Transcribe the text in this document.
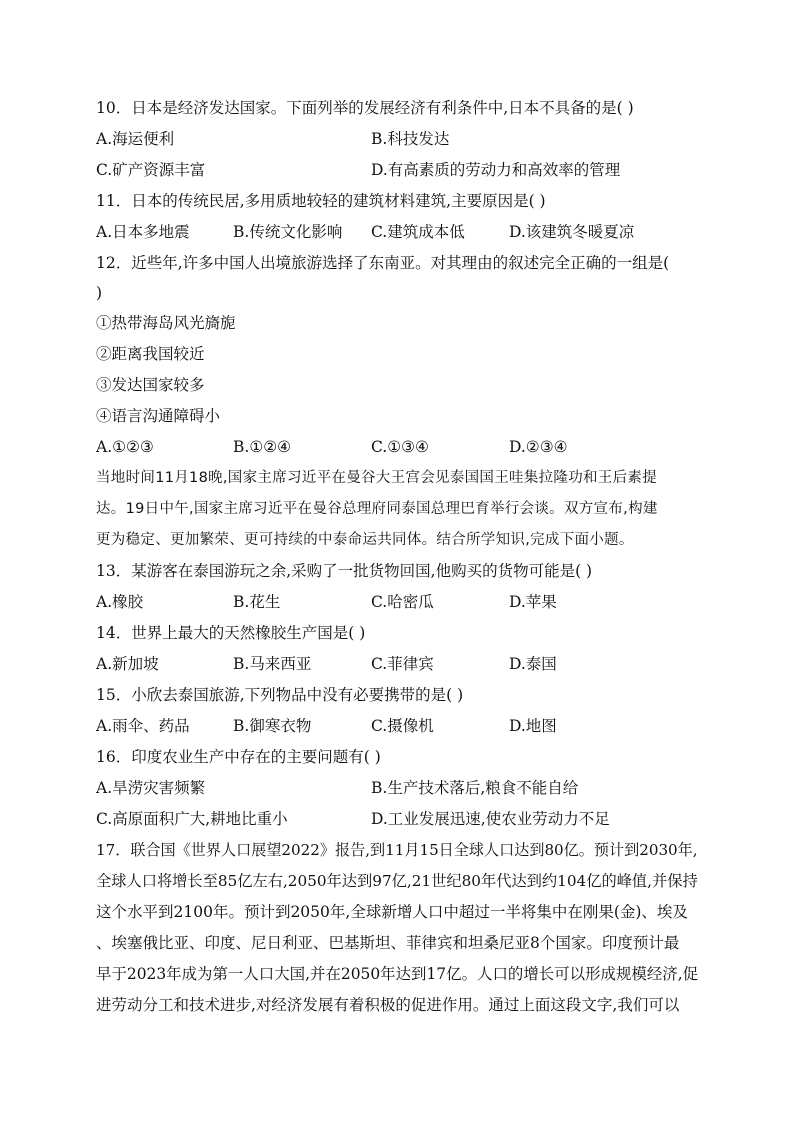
10．日本是经济发达国家。下面列举的发展经济有利条件中,日本不具备的是( )
A.海运便利	B.科技发达
C.矿产资源丰富	D.有高素质的劳动力和高效率的管理
11．日本的传统民居,多用质地较轻的建筑材料建筑,主要原因是( )
A.日本多地震	B.传统文化影响 C.建筑成本低	D.该建筑冬暖夏凉
12．近些年,许多中国人出境旅游选择了东南亚。对其理由的叙述完全正确的一组是(
)
①热带海岛风光旖旎
②距离我国较近
③发达国家较多
④语言沟通障碍小
A.①②③	B.①②④	C.①③④	D.②③④
当地时间11月18晚,国家主席习近平在曼谷大王宫会见泰国国王哇集拉隆功和王后素提
达。19日中午,国家主席习近平在曼谷总理府同泰国总理巴育举行会谈。双方宣布,构建
更为稳定、更加繁荣、更可持续的中泰命运共同体。结合所学知识,完成下面小题。
13．某游客在泰国游玩之余,采购了一批货物回国,他购买的货物可能是( )
A.橡胶	B.花生	C.哈密瓜	D.苹果
14．世界上最大的天然橡胶生产国是( )
A.新加坡	B.马来西亚	C.菲律宾	D.泰国
15．小欣去泰国旅游,下列物品中没有必要携带的是( )
A.雨伞、药品	B.御寒衣物	C.摄像机	D.地图
16．印度农业生产中存在的主要问题有( )
A.旱涝灾害频繁	B.生产技术落后,粮食不能自给
C.高原面积广大,耕地比重小	D.工业发展迅速,使农业劳动力不足
17．联合国《世界人口展望2022》报告,到11月15日全球人口达到80亿。预计到2030年,
全球人口将增长至85亿左右,2050年达到97亿,21世纪80年代达到约104亿的峰值,并保持
这个水平到2100年。预计到2050年,全球新增人口中超过一半将集中在刚果(金)、埃及
、埃塞俄比亚、印度、尼日利亚、巴基斯坦、菲律宾和坦桑尼亚8个国家。印度预计最
早于2023年成为第一人口大国,并在2050年达到17亿。人口的增长可以形成规模经济,促
进劳动分工和技术进步,对经济发展有着积极的促进作用。通过上面这段文字,我们可以
